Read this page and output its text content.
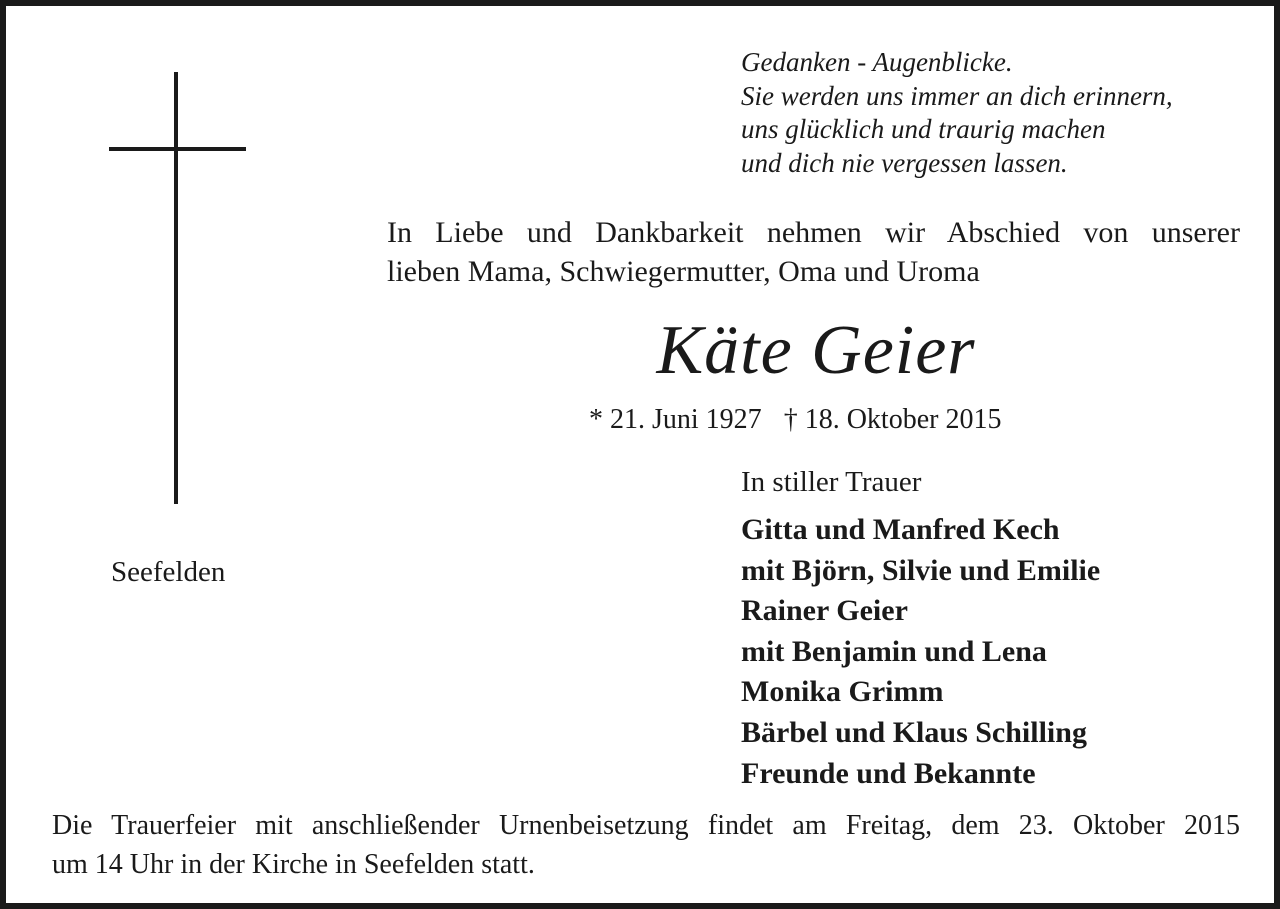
Gedanken - Augenblicke.
Sie werden uns immer an dich erinnern,
uns glücklich und traurig machen
und dich nie vergessen lassen.
In Liebe und Dankbarkeit nehmen wir Abschied von unserer
lieben Mama, Schwiegermutter, Oma und Uroma
Käte Geier
* 21. Juni 1927 † 18. Oktober 2015
Seefelden
In stiller Trauer
Gitta und Manfred Kech
mit Björn, Silvie und Emilie
Rainer Geier
mit Benjamin und Lena
Monika Grimm
Bärbel und Klaus Schilling
Freunde und Bekannte
Die Trauerfeier mit anschließender Urnenbeisetzung findet am Freitag, dem 23. Oktober 2015
um 14 Uhr in der Kirche in Seefelden statt.
